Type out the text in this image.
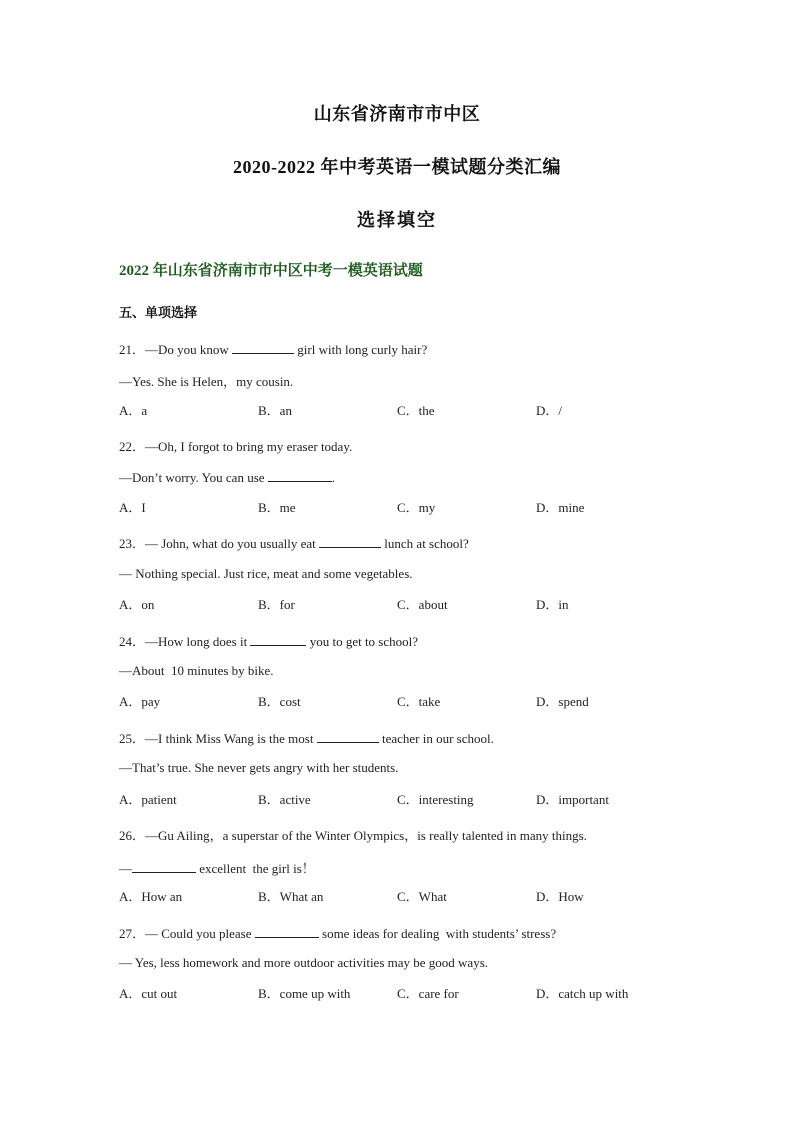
山东省济南市市中区
2020-2022 年中考英语一模试题分类汇编
选择填空
2022 年山东省济南市市中区中考一模英语试题
五、单项选择
21．—Do you know	girl with long curly hair?
—Yes. She is Helen，my cousin.
A．a	B．an	C．the	D．/
22．—Oh, I forgot to bring my eraser today.
—Don’t worry. You can use	.
A．I	B．me	C．my	D．mine
23．— John, what do you usually eat	lunch at school?
— Nothing special. Just rice, meat and some vegetables.
A．on	B．for	C．about	D．in
24．—How long does it	you to get to school?
—About  10 minutes by bike.
A．pay	B．cost	C．take	D．spend
25．—I think Miss Wang is the most	teacher in our school.
—That’s true. She never gets angry with her students.
A．patient	B．active	C．interesting	D．important
26．—Gu Ailing，a superstar of the Winter Olympics，is really talented in many things.
—	excellent  the girl is！
A．How an	B．What an	C．What	D．How
27．— Could you please	some ideas for dealing  with students’ stress?
— Yes, less homework and more outdoor activities may be good ways.
A．cut out	B．come up with	C．care for	D．catch up with
